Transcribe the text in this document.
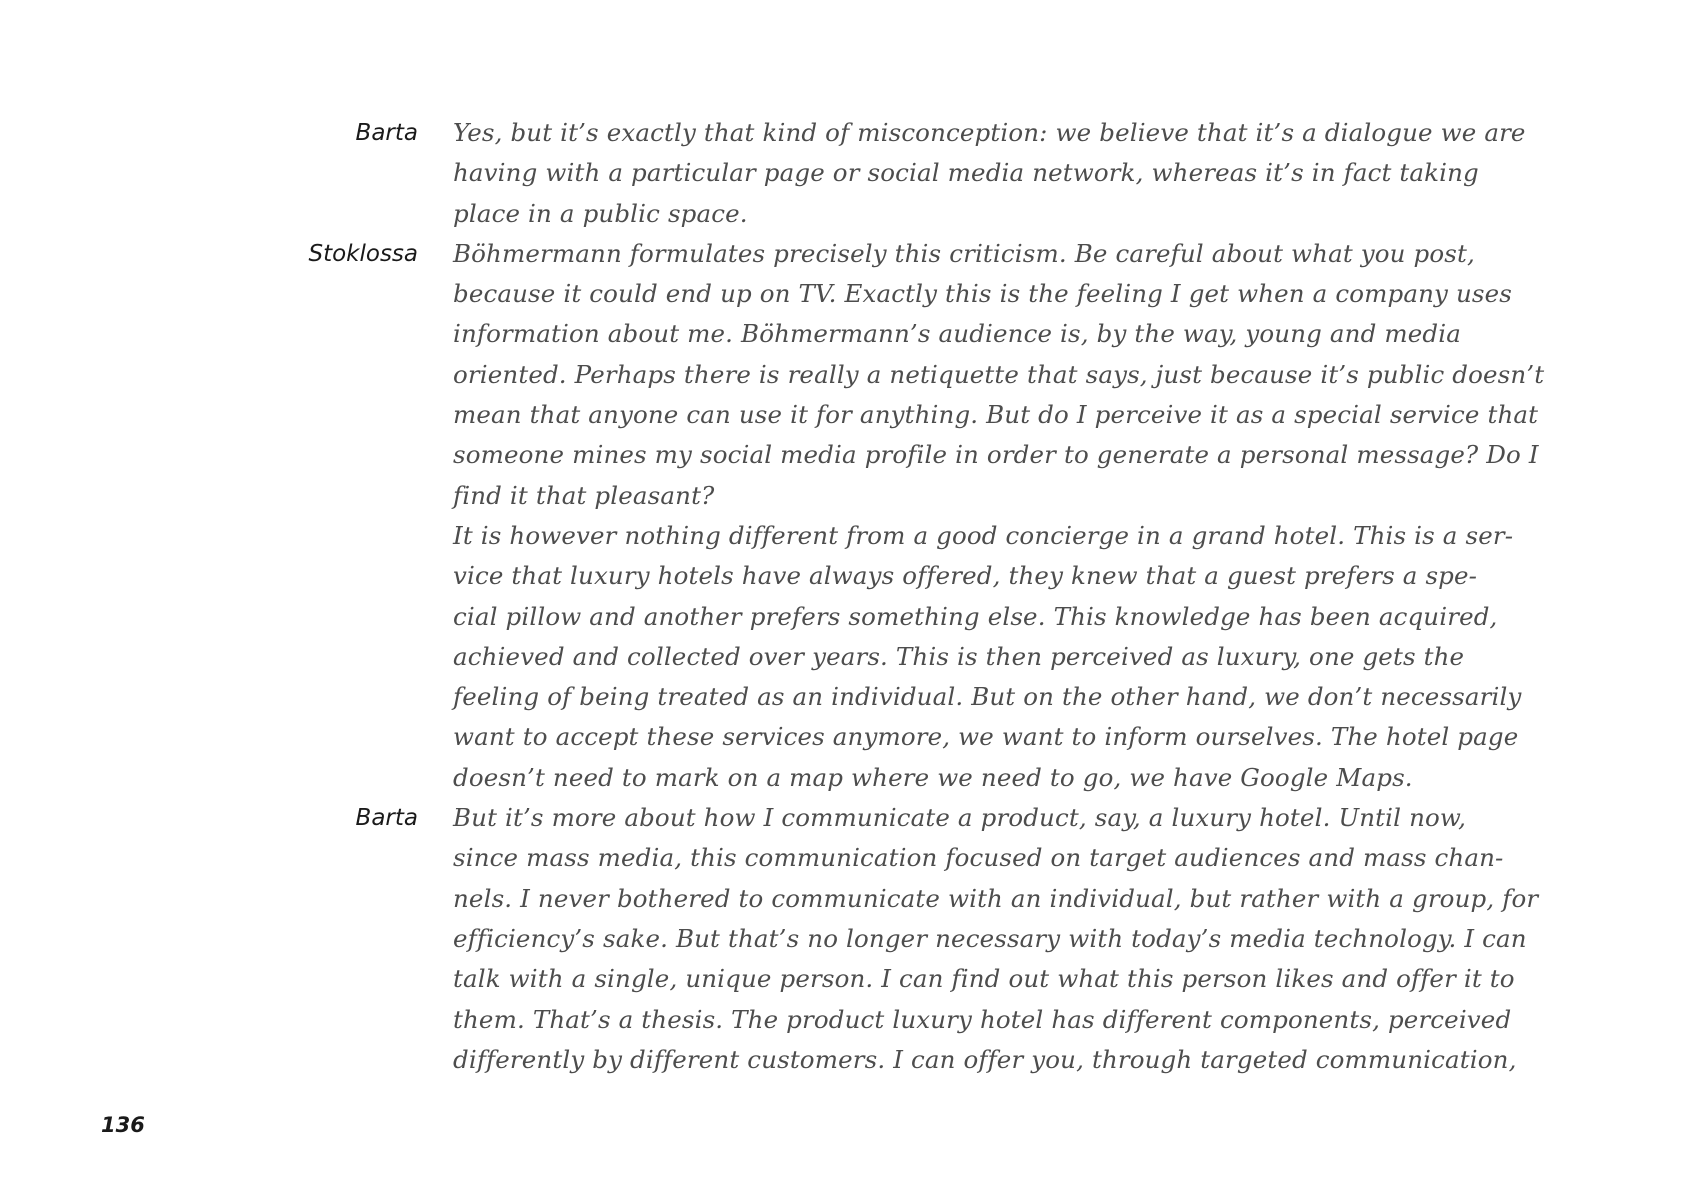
Barta Yes, but it’s exactly that kind of misconception: we believe that it’s a dialogue we are
having with a particular page or social media network, whereas it’s in fact taking
place in a public space.
Stoklossa Böhmermann formulates precisely this criticism. Be careful about what you post,
because it could end up on TV. Exactly this is the feeling I get when a company uses
information about me. Böhmermann’s audience is, by the way, young and media
oriented. Perhaps there is really a netiquette that says, just because it’s public doesn’t
mean that anyone can use it for anything. But do I perceive it as a special service that
someone mines my social media profile in order to generate a personal message? Do I
find it that pleasant?
It is however nothing different from a good concierge in a grand hotel. This is a ser-
vice that luxury hotels have always offered, they knew that a guest prefers a spe-
cial pillow and another prefers something else. This knowledge has been acquired,
achieved and collected over years. This is then perceived as luxury, one gets the
feeling of being treated as an individual. But on the other hand, we don’t necessarily
want to accept these services anymore, we want to inform ourselves. The hotel page
doesn’t need to mark on a map where we need to go, we have Google Maps.
Barta But it’s more about how I communicate a product, say, a luxury hotel. Until now,
since mass media, this communication focused on target audiences and mass chan-
nels. I never bothered to communicate with an individual, but rather with a group, for
efficiency’s sake. But that’s no longer necessary with today’s media technology. I can
talk with a single, unique person. I can find out what this person likes and offer it to
them. That’s a thesis. The product luxury hotel has different components, perceived
differently by different customers. I can offer you, through targeted communication,
136
